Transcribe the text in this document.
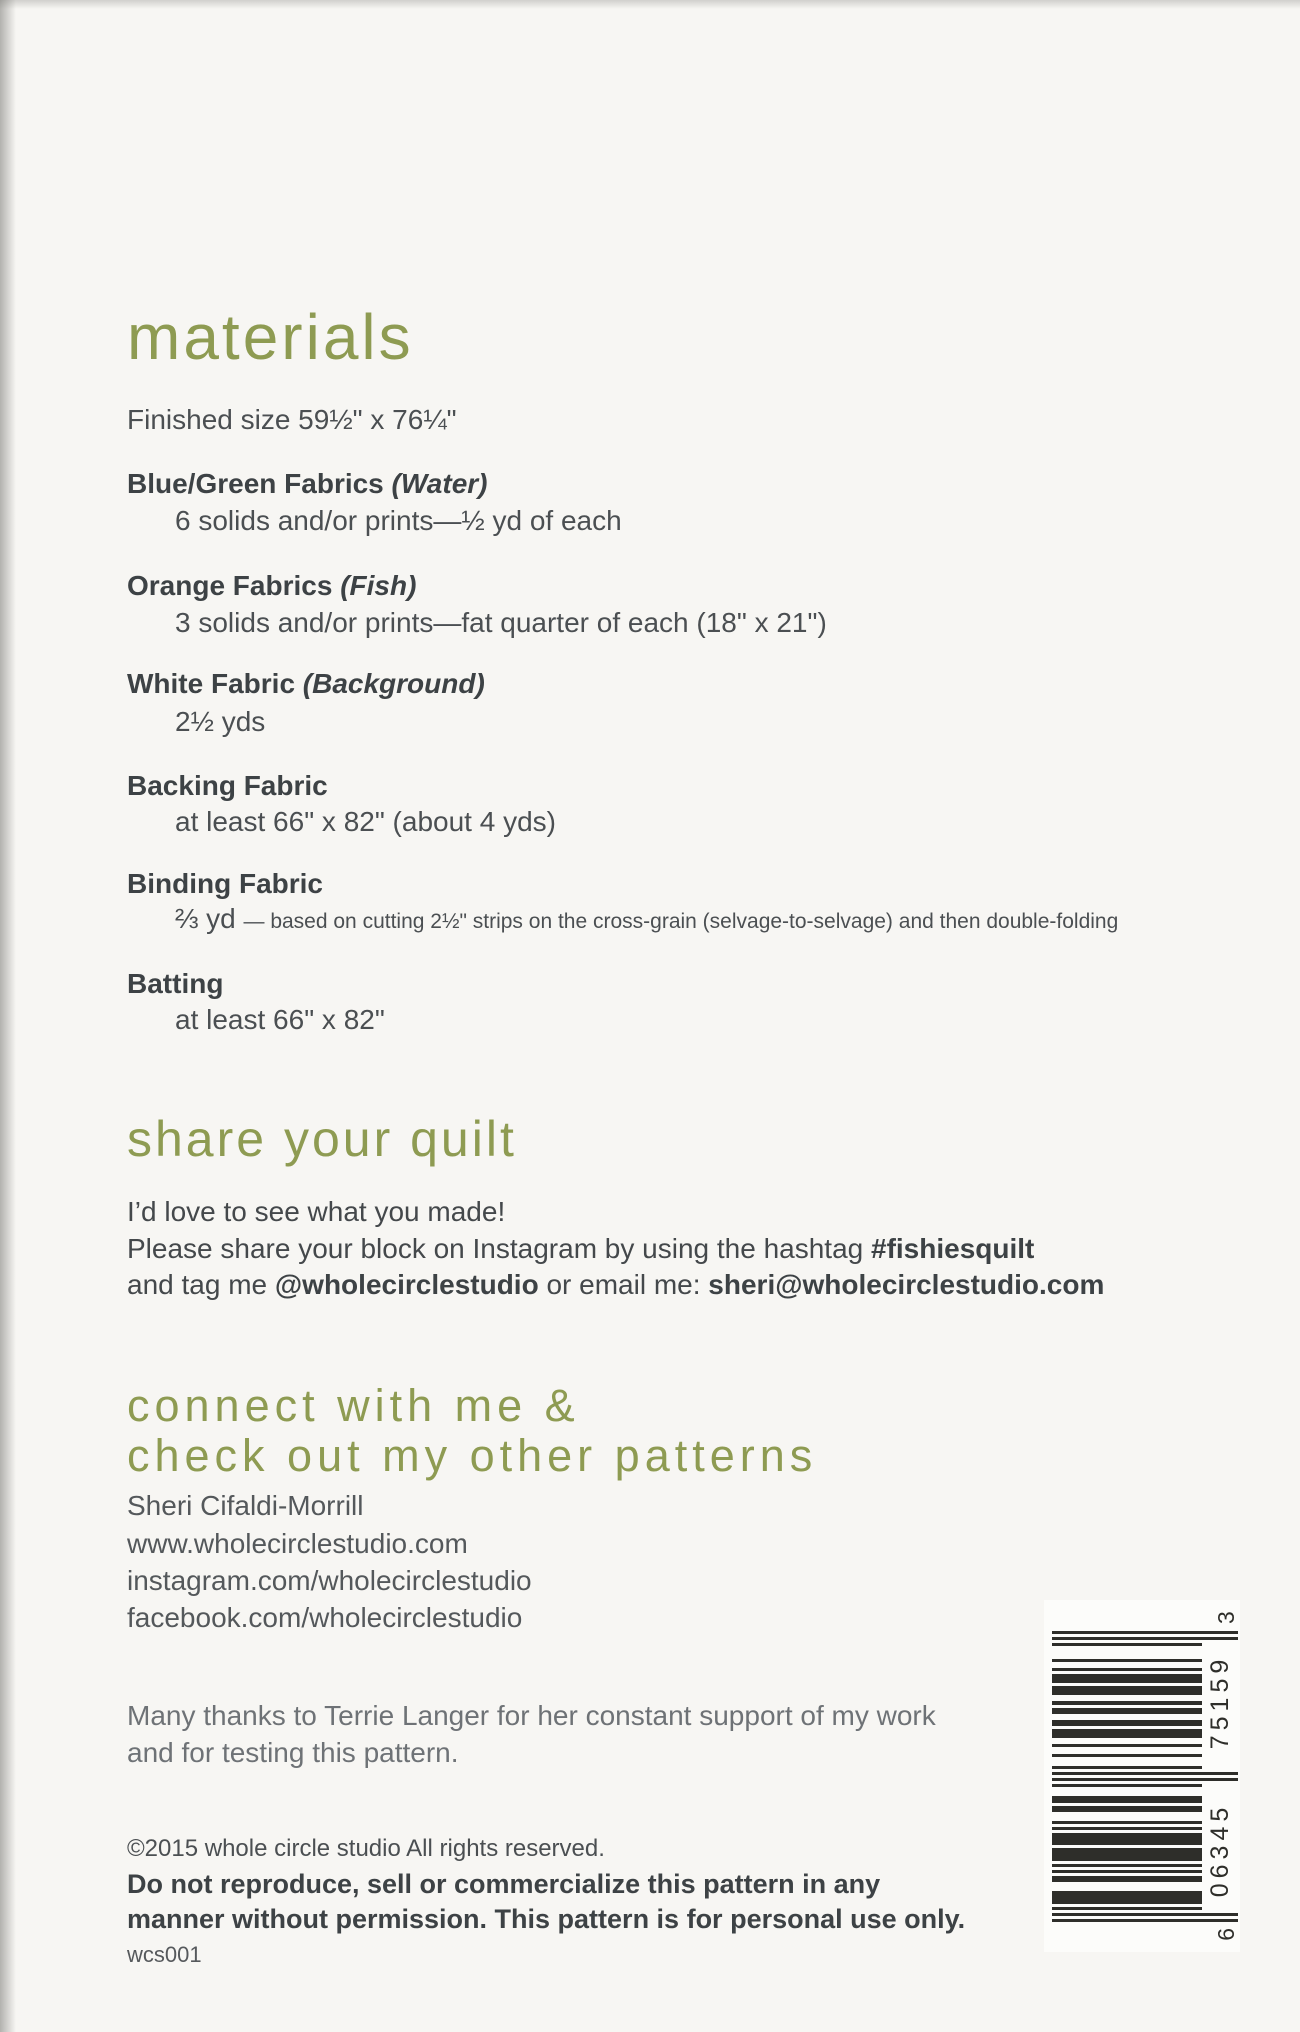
materials
Finished size 59½" x 76¼"
Blue/Green Fabrics (Water)
6 solids and/or prints—½ yd of each
Orange Fabrics (Fish)
3 solids and/or prints—fat quarter of each (18" x 21")
White Fabric (Background)
2½ yds
Backing Fabric
at least 66" x 82" (about 4 yds)
Binding Fabric
⅔ yd — based on cutting 2½" strips on the cross-grain (selvage-to-selvage) and then double-folding
Batting
at least 66" x 82"
share your quilt
I’d love to see what you made!
Please share your block on Instagram by using the hashtag #fishiesquilt
and tag me @wholecirclestudio or email me: sheri@wholecirclestudio.com
connect with me &
check out my other patterns
Sheri Cifaldi-Morrill
www.wholecirclestudio.com
instagram.com/wholecirclestudio
facebook.com/wholecirclestudio
Many thanks to Terrie Langer for her constant support of my work
and for testing this pattern.
©2015 whole circle studio All rights reserved.
Do not reproduce, sell or commercialize this pattern in any
manner without permission. This pattern is for personal use only.
wcs001
6
06345
75159
3
